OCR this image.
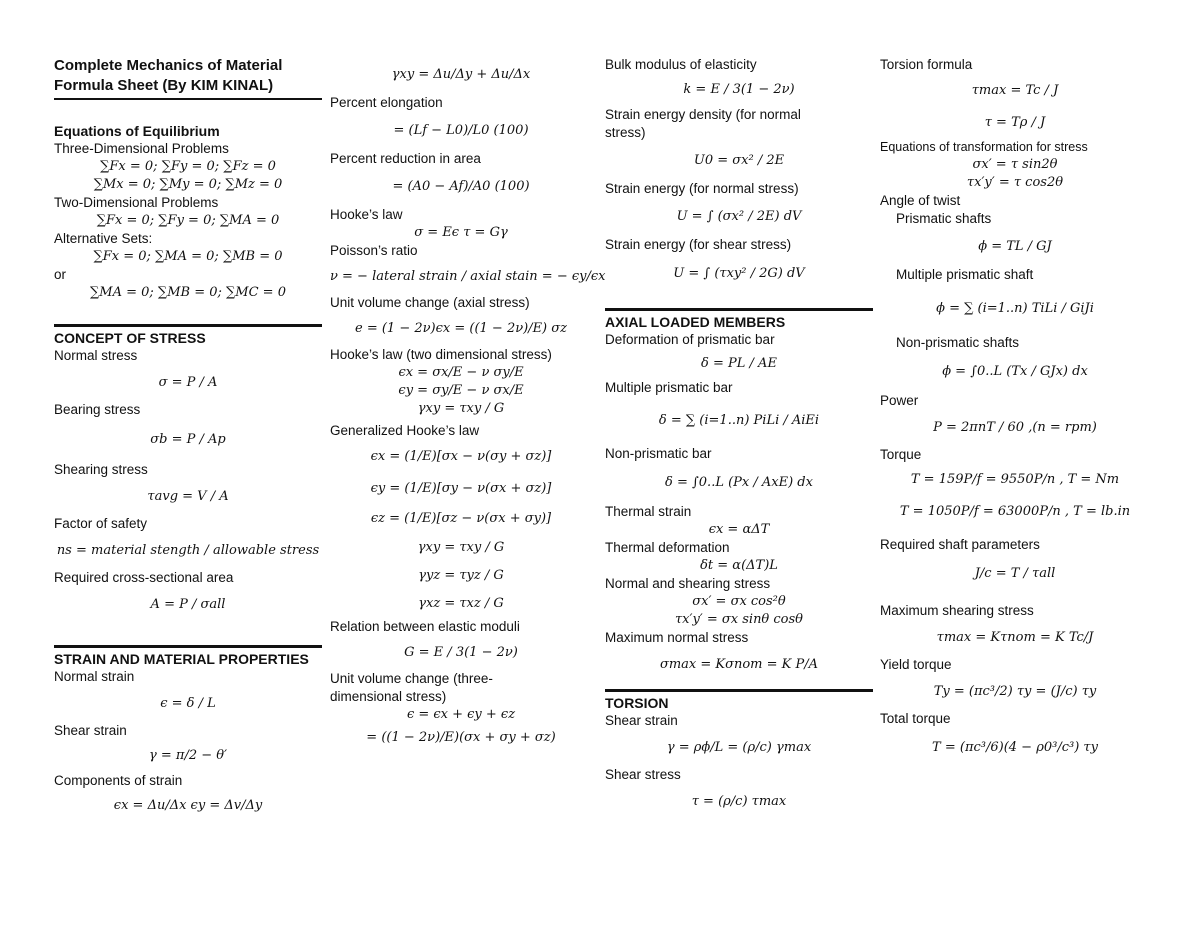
Complete Mechanics of Material Formula Sheet (By KIM KINAL)
Equations of Equilibrium
Three-Dimensional Problems
∑Fx = 0; ∑Fy = 0; ∑Fz = 0
∑Mx = 0; ∑My = 0; ∑Mz = 0
Two-Dimensional Problems
∑Fx = 0; ∑Fy = 0; ∑MA = 0
Alternative Sets:
∑Fx = 0; ∑MA = 0; ∑MB = 0
or
∑MA = 0; ∑MB = 0; ∑MC = 0
CONCEPT OF STRESS
Normal stress
σ = P / A
Bearing stress
σb = P / Ap
Shearing stress
τavg = V / A
Factor of safety
ns = material stength / allowable stress
Required cross-sectional area
A = P / σall
STRAIN AND MATERIAL PROPERTIES
Normal strain
ϵ = δ / L
Shear strain
γ = π/2 − θ′
Components of strain
ϵx = Δu/Δx ϵy = Δv/Δy
γxy = Δu/Δy + Δu/Δx
Percent elongation
= (Lf − L0)/L0 (100)
Percent reduction in area
= (A0 − Af)/A0 (100)
Hooke’s law
σ = Eϵ τ = Gγ
Poisson’s ratio
ν = − lateral strain / axial stain = − ϵy/ϵx
Unit volume change (axial stress)
e = (1 − 2ν)ϵx = ((1 − 2ν)/E) σz
Hooke’s law (two dimensional stress)
ϵx = σx/E − ν σy/E
ϵy = σy/E − ν σx/E
γxy = τxy / G
Generalized Hooke’s law
ϵx = (1/E)[σx − ν(σy + σz)]
ϵy = (1/E)[σy − ν(σx + σz)]
ϵz = (1/E)[σz − ν(σx + σy)]
γxy = τxy / G
γyz = τyz / G
γxz = τxz / G
Relation between elastic moduli
G = E / 3(1 − 2ν)
Unit volume change (three-
dimensional stress)
ϵ = ϵx + ϵy + ϵz
= ((1 − 2ν)/E)(σx + σy + σz)
Bulk modulus of elasticity
k = E / 3(1 − 2ν)
Strain energy density (for normal
stress)
U0 = σx² / 2E
Strain energy (for normal stress)
U = ∫ (σx² / 2E) dV
Strain energy (for shear stress)
U = ∫ (τxy² / 2G) dV
AXIAL LOADED MEMBERS
Deformation of prismatic bar
δ = PL / AE
Multiple prismatic bar
δ = ∑ (i=1..n) PiLi / AiEi
Non-prismatic bar
δ = ∫0..L (Px / AxE) dx
Thermal strain
ϵx = αΔT
Thermal deformation
δt = α(ΔT)L
Normal and shearing stress
σx′ = σx cos²θ
τx′y′ = σx sinθ cosθ
Maximum normal stress
σmax = Kσnom = K P/A
TORSION
Shear strain
γ = ρϕ/L = (ρ/c) γmax
Shear stress
τ = (ρ/c) τmax
Torsion formula
τmax = Tc / J
τ = Tρ / J
Equations of transformation for stress
σx′ = τ sin2θ
τx′y′ = τ cos2θ
Angle of twist
Prismatic shafts
ϕ = TL / GJ
Multiple prismatic shaft
ϕ = ∑ (i=1..n) TiLi / GiJi
Non-prismatic shafts
ϕ = ∫0..L (Tx / GJx) dx
Power
P = 2πnT / 60 ,(n = rpm)
Torque
T = 159P/f = 9550P/n , T = Nm
T = 1050P/f = 63000P/n , T = lb.in
Required shaft parameters
J/c = T / τall
Maximum shearing stress
τmax = Kτnom = K Tc/J
Yield torque
Ty = (πc³/2) τy = (J/c) τy
Total torque
T = (πc³/6)(4 − ρ0³/c³) τy
